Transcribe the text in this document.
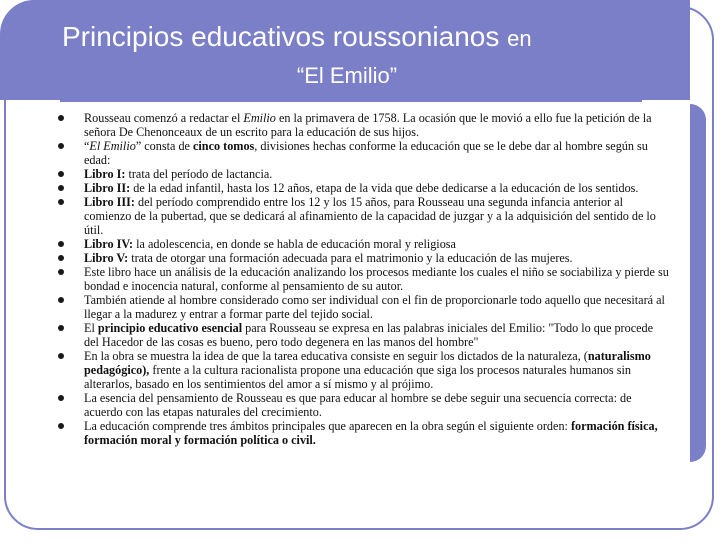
Principios educativos roussonianos en
“El Emilio”
Rousseau comenzó a redactar el Emilio en la primavera de 1758. La ocasión que le movió a ello fue la petición de la señora De Chenonceaux de un escrito para la educación de sus hijos.
“El Emilio” consta de cinco tomos, divisiones hechas conforme la educación que se le debe dar al hombre según su edad:
Libro I: trata del período de lactancia.
Libro II: de la edad infantil, hasta los 12 años, etapa de la vida que debe dedicarse a la educación de los sentidos.
Libro III: del período comprendido entre los 12 y los 15 años, para Rousseau una segunda infancia anterior al comienzo de la pubertad, que se dedicará al afinamiento de la capacidad de juzgar y a la adquisición del sentido de lo útil.
Libro IV: la adolescencia, en donde se habla de educación moral y religiosa
Libro V: trata de otorgar una formación adecuada para el matrimonio y la educación de las mujeres.
Este libro hace un análisis de la educación analizando los procesos mediante los cuales el niño se sociabiliza y pierde su bondad e inocencia natural, conforme al pensamiento de su autor.
También atiende al hombre considerado como ser individual con el fin de proporcionarle todo aquello que necesitará al llegar a la madurez y entrar a formar parte del tejido social.
El principio educativo esencial para Rousseau se expresa en las palabras iniciales del Emilio: "Todo lo que procede del Hacedor de las cosas es bueno, pero todo degenera en las manos del hombre"
En la obra se muestra la idea de que la tarea educativa consiste en seguir los dictados de la naturaleza, (naturalismo pedagógico), frente a la cultura racionalista propone una educación que siga los procesos naturales humanos sin alterarlos, basado en los sentimientos del amor a sí mismo y al prójimo.
La esencia del pensamiento de Rousseau es que para educar al hombre se debe seguir una secuencia correcta: de acuerdo con las etapas naturales del crecimiento.
La educación comprende tres ámbitos principales que aparecen en la obra según el siguiente orden: formación física, formación moral y formación política o civil.
